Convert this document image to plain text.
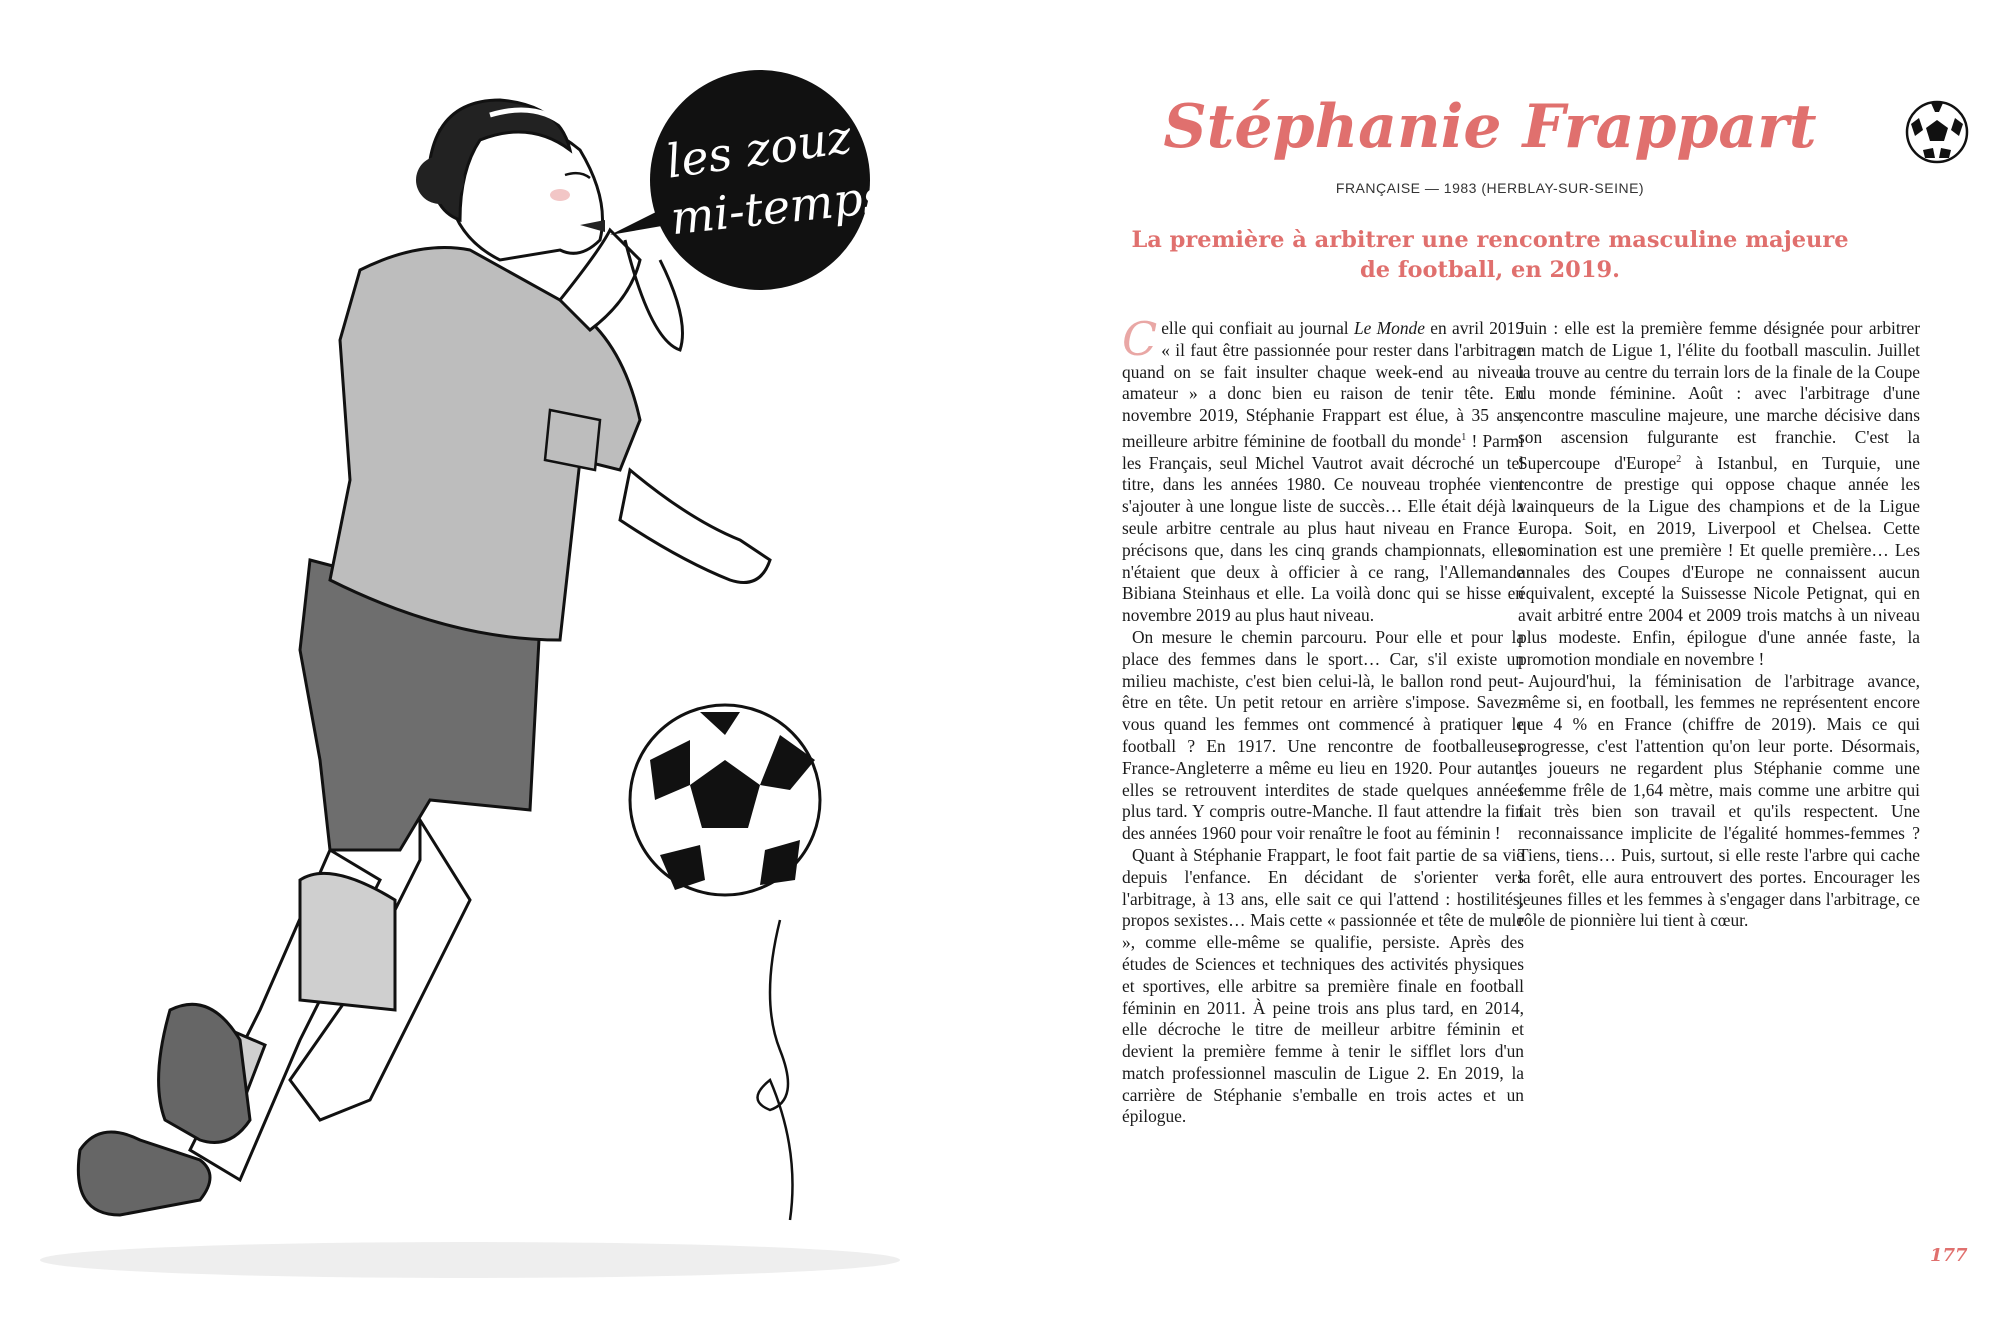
les zouz !
mi-temps
Stéphanie Frappart
FRANÇAISE — 1983 (HERBLAY-SUR-SEINE)
La première à arbitrer une rencontre masculine majeure de football, en 2019.

Celle qui confiait au journal Le Monde en avril 2019 « il faut être passionnée pour rester dans l'arbitrage quand on se fait insulter chaque week-end au niveau amateur » a donc bien eu raison de tenir tête. En novembre 2019, Stéphanie Frappart est élue, à 35 ans, meilleure arbitre féminine de football du monde$^1$ ! Parmi les Français, seul Michel Vautrot avait décroché un tel titre, dans les années 1980. Ce nouveau trophée vient s'ajouter à une longue liste de succès… Elle était déjà la seule arbitre centrale au plus haut niveau en France - précisons que, dans les cinq grands championnats, elles n'étaient que deux à officier à ce rang, l'Allemande Bibiana Steinhaus et elle. La voilà donc qui se hisse en novembre 2019 au plus haut niveau.

On mesure le chemin parcouru. Pour elle et pour la place des femmes dans le sport… Car, s'il existe un milieu machiste, c'est bien celui-là, le ballon rond peut-être en tête. Un petit retour en arrière s'impose. Savez-vous quand les femmes ont commencé à pratiquer le football ? En 1917. Une rencontre de footballeuses France-Angleterre a même eu lieu en 1920. Pour autant, elles se retrouvent interdites de stade quelques années plus tard. Y compris outre-Manche. Il faut attendre la fin des années 1960 pour voir renaître le foot au féminin !

Quant à Stéphanie Frappart, le foot fait partie de sa vie depuis l'enfance. En décidant de s'orienter vers l'arbitrage, à 13 ans, elle sait ce qui l'attend : hostilités, propos sexistes… Mais cette « passionnée et tête de mule », comme elle-même se qualifie, persiste. Après des études de Sciences et techniques des activités physiques et sportives, elle arbitre sa première finale en football féminin en 2011. À peine trois ans plus tard, en 2014, elle décroche le titre de meilleur arbitre féminin et devient la première femme à tenir le sifflet lors d'un match professionnel masculin de Ligue 2. En 2019, la carrière de Stéphanie s'emballe en trois actes et un épilogue.

Juin : elle est la première femme désignée pour arbitrer un match de Ligue 1, l'élite du football masculin. Juillet la trouve au centre du terrain lors de la finale de la Coupe du monde féminine. Août : avec l'arbitrage d'une rencontre masculine majeure, une marche décisive dans son ascension fulgurante est franchie. C'est la Supercoupe d'Europe$^2$ à Istanbul, en Turquie, une rencontre de prestige qui oppose chaque année les vainqueurs de la Ligue des champions et de la Ligue Europa. Soit, en 2019, Liverpool et Chelsea. Cette nomination est une première ! Et quelle première… Les annales des Coupes d'Europe ne connaissent aucun équivalent, excepté la Suissesse Nicole Petignat, qui en avait arbitré entre 2004 et 2009 trois matchs à un niveau plus modeste. Enfin, épilogue d'une année faste, la promotion mondiale en novembre !

Aujourd'hui, la féminisation de l'arbitrage avance, même si, en football, les femmes ne représentent encore que 4 % en France (chiffre de 2019). Mais ce qui progresse, c'est l'attention qu'on leur porte. Désormais, les joueurs ne regardent plus Stéphanie comme une femme frêle de 1,64 mètre, mais comme une arbitre qui fait très bien son travail et qu'ils respectent. Une reconnaissance implicite de l'égalité hommes-femmes ? Tiens, tiens… Puis, surtout, si elle reste l'arbre qui cache la forêt, elle aura entrouvert des portes. Encourager les jeunes filles et les femmes à s'engager dans l'arbitrage, ce rôle de pionnière lui tient à cœur.

177
